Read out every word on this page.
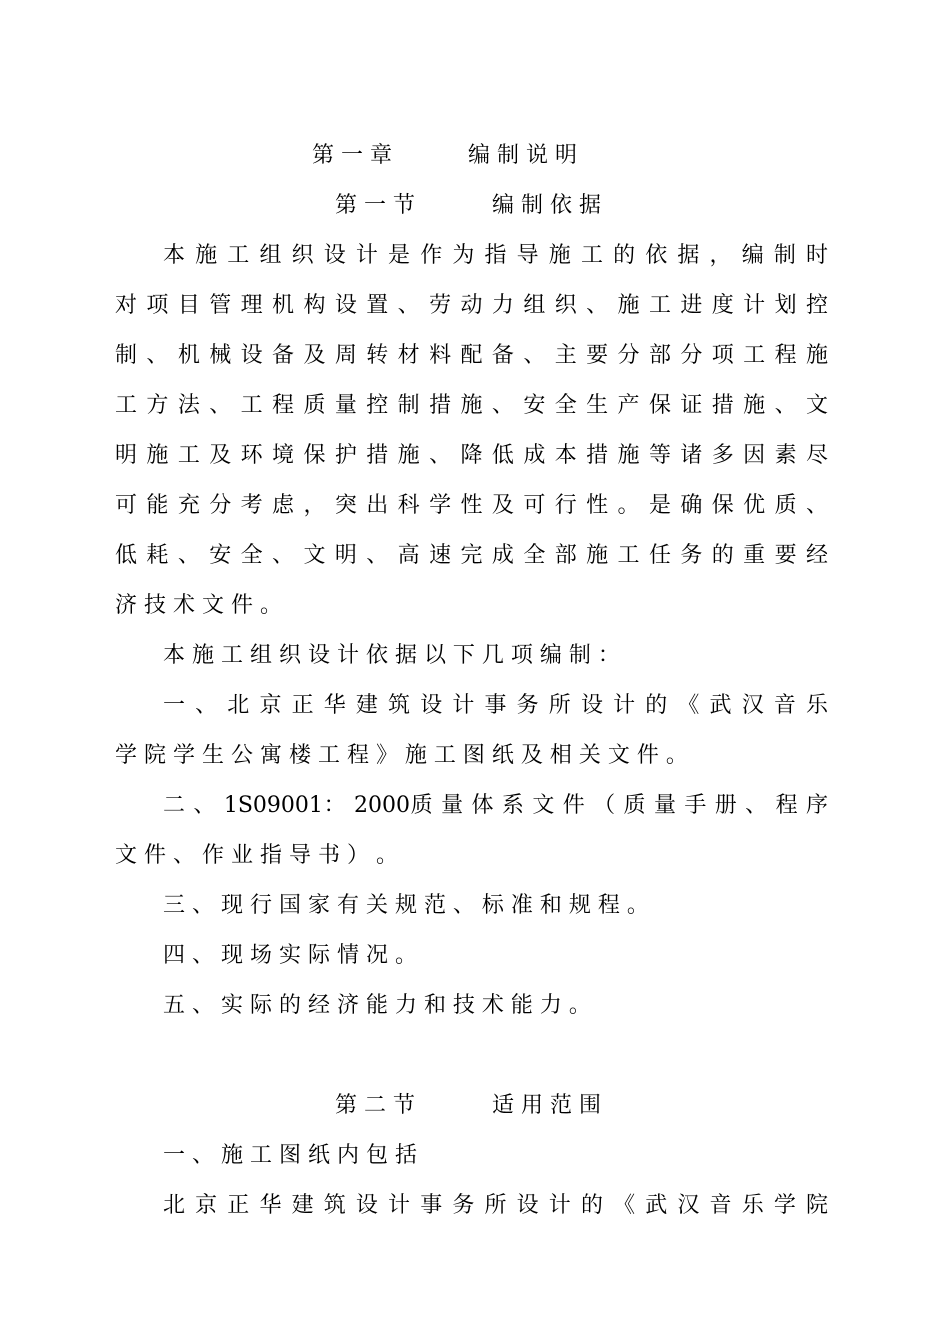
第 一 章	编 制 说 明
第 一 节	编 制 依 据
本 施 工 组 织 设 计 是 作 为 指 导 施 工 的 依 据 ， 编 制 时
对 项 目 管 理 机 构 设 置 、 劳 动 力 组 织 、 施 工 进 度 计 划 控
制 、 机 械 设 备 及 周 转 材 料 配 备 、 主 要 分 部 分 项 工 程 施
工 方 法 、 工 程 质 量 控 制 措 施 、 安 全 生 产 保 证 措 施 、 文
明 施 工 及 环 境 保 护 措 施 、 降 低 成 本 措 施 等 诸 多 因 素 尽
可 能 充 分 考 虑 ， 突 出 科 学 性 及 可 行 性 。 是 确 保 优 质 、
低 耗 、 安 全 、 文 明 、 高 速 完 成 全 部 施 工 任 务 的 重 要 经
济 技 术 文 件 。
本 施 工 组 织 设 计 依 据 以 下 几 项 编 制 ：
一 、 北 京 正 华 建 筑 设 计 事 务 所 设 计 的 《 武 汉 音 乐
学 院 学 生 公 寓 楼 工 程 》 施 工 图 纸 及 相 关 文 件 。
二 、 1S09001： 2000质 量 体 系 文 件 （ 质 量 手 册 、 程 序
文 件 、 作 业 指 导 书 ） 。
三 、 现 行 国 家 有 关 规 范 、 标 准 和 规 程 。
四 、 现 场 实 际 情 况 。
五 、 实 际 的 经 济 能 力 和 技 术 能 力 。
第 二 节	适 用 范 围
一 、 施 工 图 纸 内 包 括
北 京 正 华 建 筑 设 计 事 务 所 设 计 的 《 武 汉 音 乐 学 院
